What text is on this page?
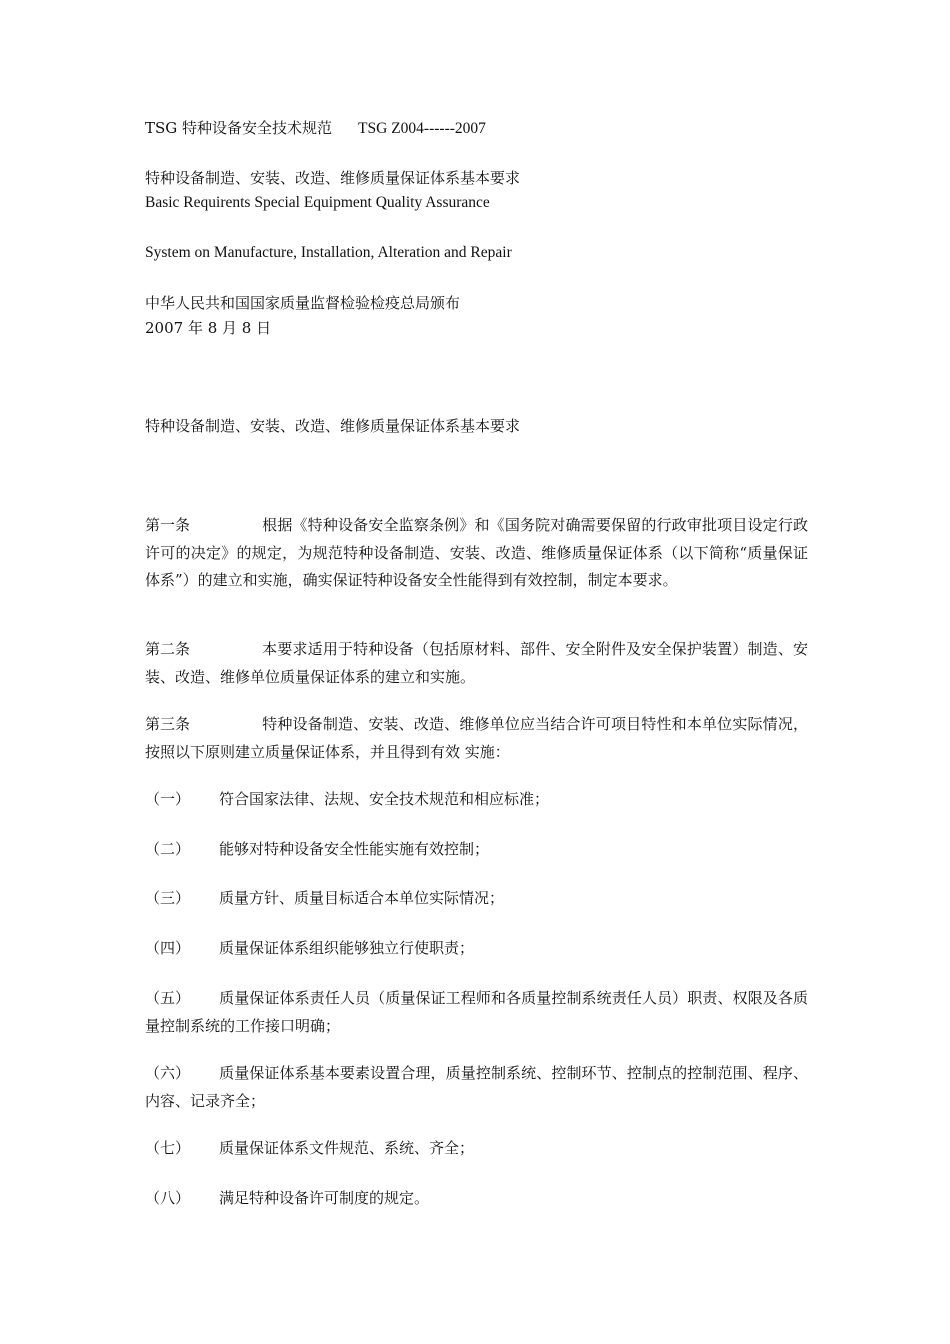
TSG 特种设备安全技术规范 TSG Z004------2007
特种设备制造、安装、改造、维修质量保证体系基本要求
Basic Requirents Special Equipment Quality Assurance
System on Manufacture, Installation, Alteration and Repair
中华人民共和国国家质量监督检验检疫总局颁布
2007 年 8 月 8 日
特种设备制造、安装、改造、维修质量保证体系基本要求
第一条	根据《特种设备安全监察条例》和《国务院对确需要保留的行政审批项目设定行政许可的决定》的规定，为规范特种设备制造、安装、改造、维修质量保证体系（以下简称“质量保证体系”）的建立和实施，确实保证特种设备安全性能得到有效控制，制定本要求。
第二条	本要求适用于特种设备（包括原材料、部件、安全附件及安全保护装置）制造、安装、改造、维修单位质量保证体系的建立和实施。
第三条	特种设备制造、安装、改造、维修单位应当结合许可项目特性和本单位实际情况，按照以下原则建立质量保证体系，并且得到有效 实施：
（一） 符合国家法律、法规、安全技术规范和相应标准；
（二） 能够对特种设备安全性能实施有效控制；
（三） 质量方针、质量目标适合本单位实际情况；
（四） 质量保证体系组织能够独立行使职责；
（五） 质量保证体系责任人员（质量保证工程师和各质量控制系统责任人员）职责、权限及各质量控制系统的工作接口明确；
（六） 质量保证体系基本要素设置合理，质量控制系统、控制环节、控制点的控制范围、程序、内容、记录齐全；
（七） 质量保证体系文件规范、系统、齐全；
（八） 满足特种设备许可制度的规定。
